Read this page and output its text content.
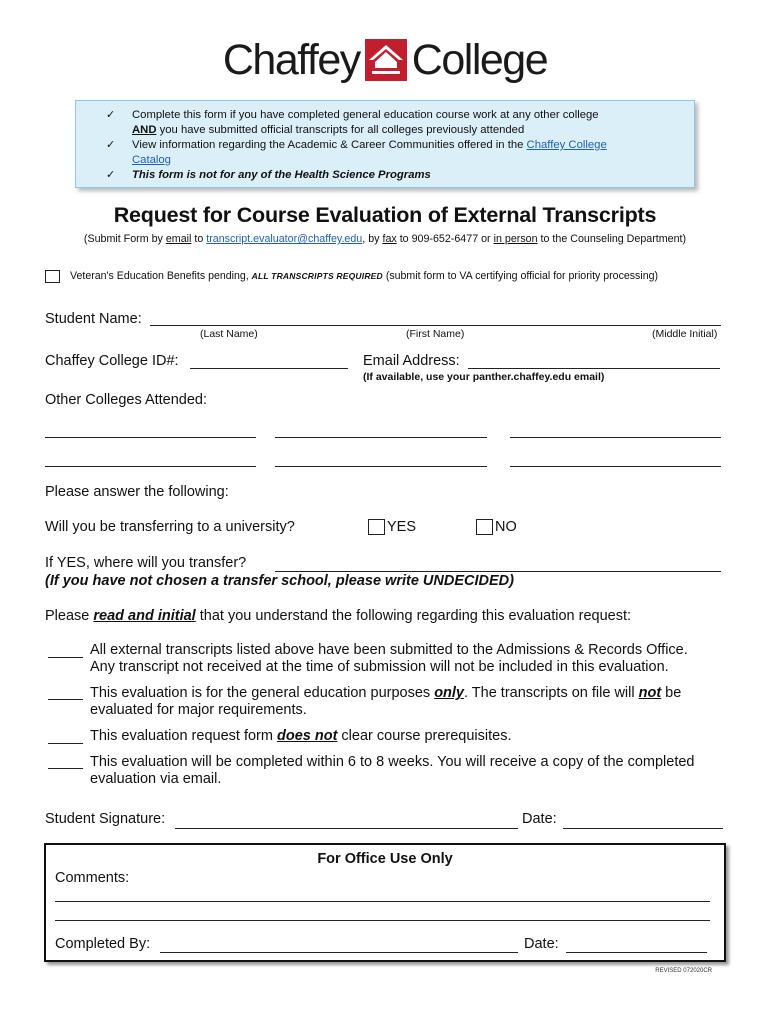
Chaffey College
✓ Complete this form if you have completed general education course work at any other college
AND you have submitted official transcripts for all colleges previously attended
✓ View information regarding the Academic & Career Communities offered in the Chaffey College
Catalog
✓ This form is not for any of the Health Science Programs
Request for Course Evaluation of External Transcripts
(Submit Form by email to transcript.evaluator@chaffey.edu, by fax to 909-652-6477 or in person to the Counseling Department)
Veteran's Education Benefits pending, ALL TRANSCRIPTS REQUIRED (submit form to VA certifying official for priority processing)
Student Name:
(Last Name)	(First Name)	(Middle Initial)
Chaffey College ID#:	Email Address:
(If available, use your panther.chaffey.edu email)
Other Colleges Attended:
Please answer the following:
Will you be transferring to a university?	YES	NO
If YES, where will you transfer?
(If you have not chosen a transfer school, please write UNDECIDED)
Please read and initial that you understand the following regarding this evaluation request:
All external transcripts listed above have been submitted to the Admissions & Records Office.
Any transcript not received at the time of submission will not be included in this evaluation.
This evaluation is for the general education purposes only. The transcripts on file will not be
evaluated for major requirements.
This evaluation request form does not clear course prerequisites.
This evaluation will be completed within 6 to 8 weeks. You will receive a copy of the completed
evaluation via email.
Student Signature:	Date:
For Office Use Only
Comments:
Completed By:	Date:
REVISED 072020CR
